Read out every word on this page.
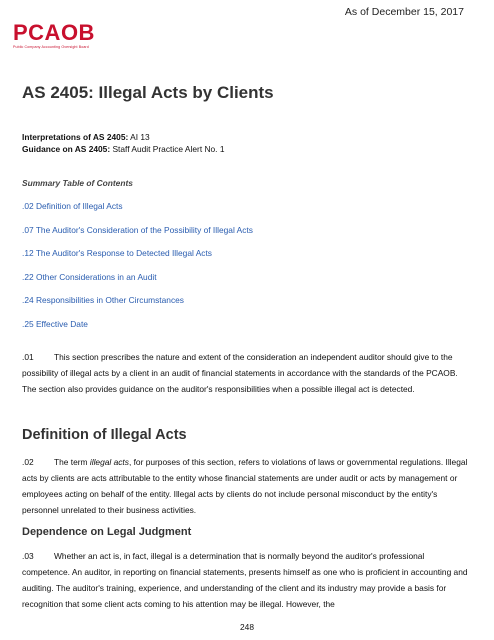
As of December 15, 2017
PCAOB
Public Company Accounting Oversight Board
AS 2405: Illegal Acts by Clients
Interpretations of AS 2405: AI 13
Guidance on AS 2405: Staff Audit Practice Alert No. 1
Summary Table of Contents
.02 Definition of Illegal Acts
.07 The Auditor's Consideration of the Possibility of Illegal Acts
.12 The Auditor's Response to Detected Illegal Acts
.22 Other Considerations in an Audit
.24 Responsibilities in Other Circumstances
.25 Effective Date

.01 This section prescribes the nature and extent of the consideration an independent auditor should give to the possibility of illegal acts by a client in an audit of financial statements in accordance with the standards of the PCAOB. The section also provides guidance on the auditor's responsibilities when a possible illegal act is detected.

Definition of Illegal Acts

.02 The term illegal acts, for purposes of this section, refers to violations of laws or governmental regulations. Illegal acts by clients are acts attributable to the entity whose financial statements are under audit or acts by management or employees acting on behalf of the entity. Illegal acts by clients do not include personal misconduct by the entity's personnel unrelated to their business activities.

Dependence on Legal Judgment

.03 Whether an act is, in fact, illegal is a determination that is normally beyond the auditor's professional competence. An auditor, in reporting on financial statements, presents himself as one who is proficient in accounting and auditing. The auditor's training, experience, and understanding of the client and its industry may provide a basis for recognition that some client acts coming to his attention may be illegal. However, the

248
